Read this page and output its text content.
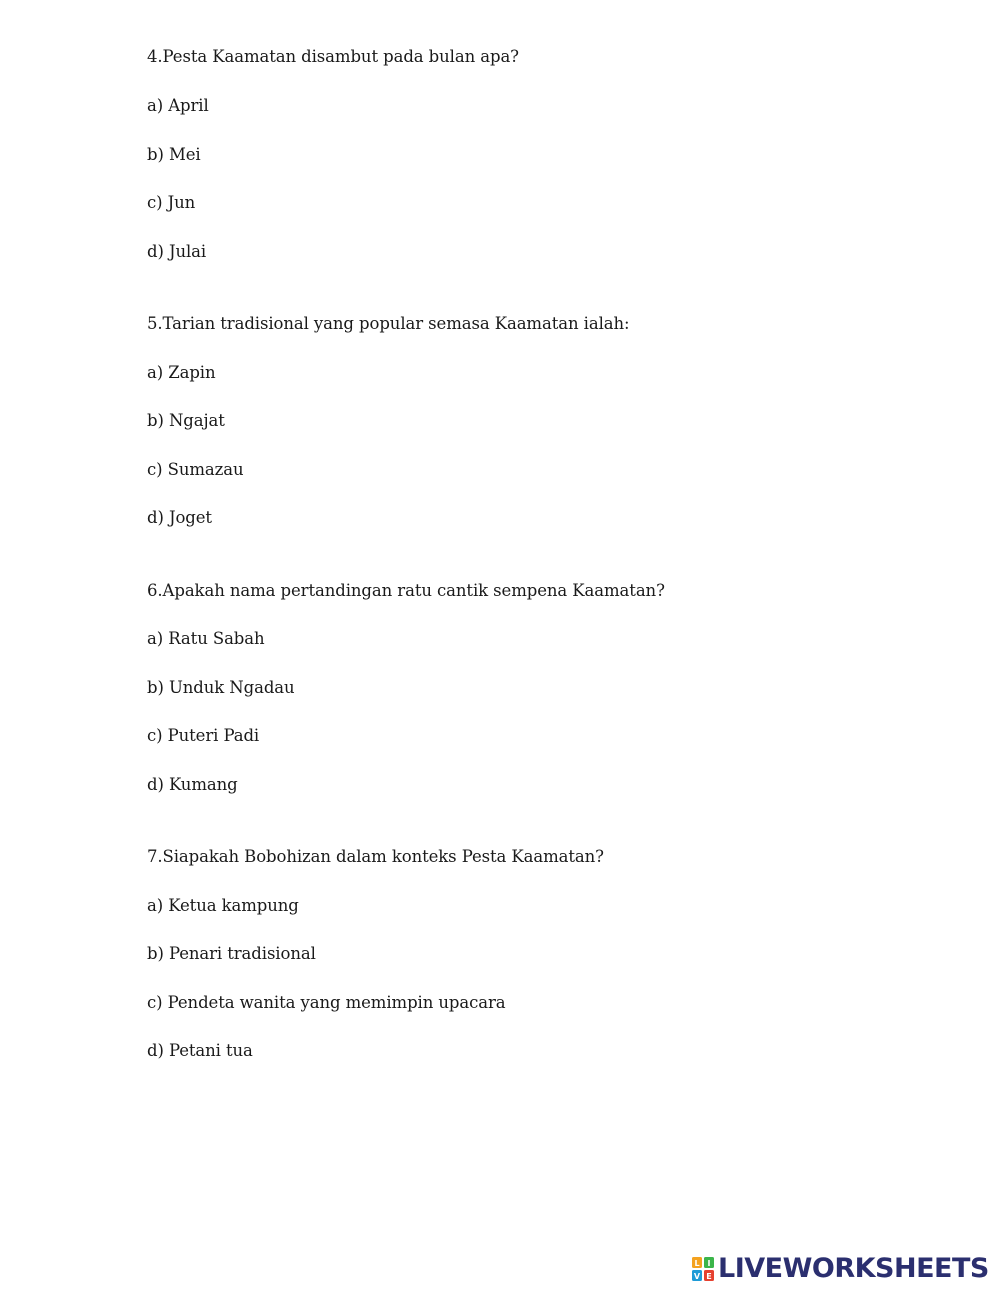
4.Pesta Kaamatan disambut pada bulan apa?
a) April
b) Mei
c) Jun
d) Julai
5.Tarian tradisional yang popular semasa Kaamatan ialah:
a) Zapin
b) Ngajat
c) Sumazau
d) Joget
6.Apakah nama pertandingan ratu cantik sempena Kaamatan?
a) Ratu Sabah
b) Unduk Ngadau
c) Puteri Padi
d) Kumang
7.Siapakah Bobohizan dalam konteks Pesta Kaamatan?
a) Ketua kampung
b) Penari tradisional
c) Pendeta wanita yang memimpin upacara
d) Petani tua
L I
V E LIVEWORKSHEETS
